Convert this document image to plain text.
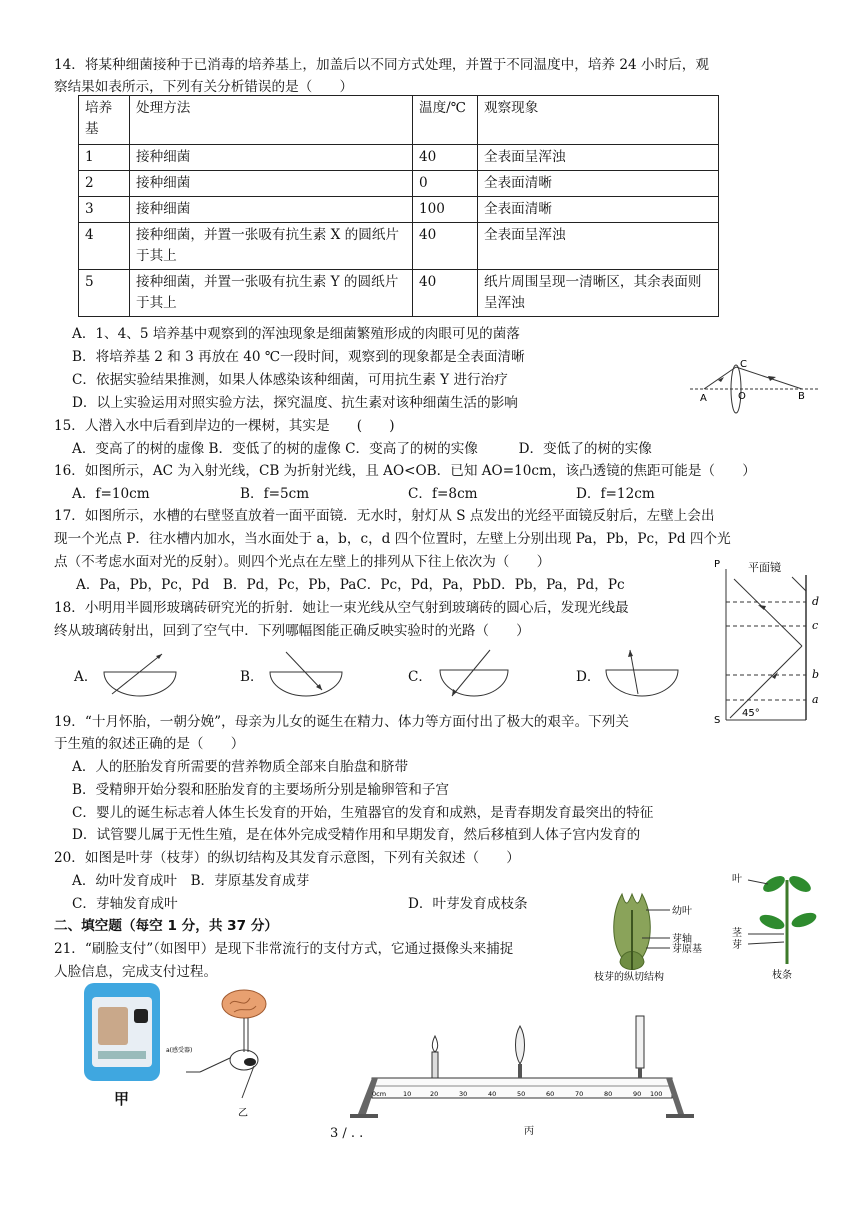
14．将某种细菌接种于已消毒的培养基上，加盖后以不同方式处理，并置于不同温度中，培养 24 小时后，观
察结果如表所示，下列有关分析错误的是（　　）
培养基	处理方法	温度/℃	观察现象
1	接种细菌	40	全表面呈浑浊
2	接种细菌	0	全表面清晰
3	接种细菌	100	全表面清晰
4	接种细菌，并置一张吸有抗生素 X 的圆纸片于其上	40	全表面呈浑浊
5	接种细菌，并置一张吸有抗生素 Y 的圆纸片于其上	40	纸片周围呈现一清晰区，其余表面则呈浑浊
A．1、4、5 培养基中观察到的浑浊现象是细菌繁殖形成的肉眼可见的菌落
B．将培养基 2 和 3 再放在 40 ℃一段时间，观察到的现象都是全表面清晰
C．依据实验结果推测，如果人体感染该种细菌，可用抗生素 Y 进行治疗
D．以上实验运用对照实验方法，探究温度、抗生素对该种细菌生活的影响	A	O	B
C
15．人潜入水中后看到岸边的一棵树，其实是　　(　　)
A．变高了的树的虚像 B．变低了的树的虚像 C．变高了的树的实像　　　D．变低了的树的实像
16．如图所示，AC 为入射光线，CB 为折射光线，且 AO<OB．已知 AO=10cm，该凸透镜的焦距可能是（　　）
A．f=10cm	B．f=5cm	C．f=8cm	D．f=12cm
17．如图所示，水槽的右壁竖直放着一面平面镜．无水时，射灯从 S 点发出的光经平面镜反射后，左壁上会出
现一个光点 P．往水槽内加水，当水面处于 a，b，c，d 四个位置时，左壁上分别出现 Pa，Pb，Pc，Pd 四个光
点（不考虑水面对光的反射）。则四个光点在左壁上的排列从下往上依次为（　　）
A．Pa，Pb，Pc，Pd　B．Pd，Pc，Pb，PaC．Pc，Pd，Pa，PbD．Pb，Pa，Pd，Pc
P	平面镜
d
c
b
a
45°
S
18．小明用半圆形玻璃砖研究光的折射．她让一束光线从空气射到玻璃砖的圆心后，发现光线最
终从玻璃砖射出，回到了空气中．下列哪幅图能正确反映实验时的光路（　　）
A．	B．	C．	D．
19．“十月怀胎，一朝分娩”，母亲为儿女的诞生在精力、体力等方面付出了极大的艰辛。下列关
于生殖的叙述正确的是（　　）
A．人的胚胎发育所需要的营养物质全部来自胎盘和脐带
B．受精卵开始分裂和胚胎发育的主要场所分别是输卵管和子宫
C．婴儿的诞生标志着人体生长发育的开始，生殖器官的发育和成熟，是青春期发育最突出的特征
D．试管婴儿属于无性生殖，是在体外完成受精作用和早期发育，然后移植到人体子宫内发育的
20．如图是叶芽（枝芽）的纵切结构及其发育示意图，下列有关叙述（　　）
A．幼叶发育成叶　B．芽原基发育成芽
C．芽轴发育成叶	D．叶芽发育成枝条	幼叶
芽轴
芽原基
枝芽的纵切结构
叶
茎
芽
枝条
二、填空题（每空 1 分，共 37 分）
21．“刷脸支付”（如图甲）是现下非常流行的支付方式，它通过摄像头来捕捉
人脸信息，完成支付过程。
甲
a(感受器)
乙
0cm	10	20	30	40	50	60	70	80	90 100
丙
3 / . .
